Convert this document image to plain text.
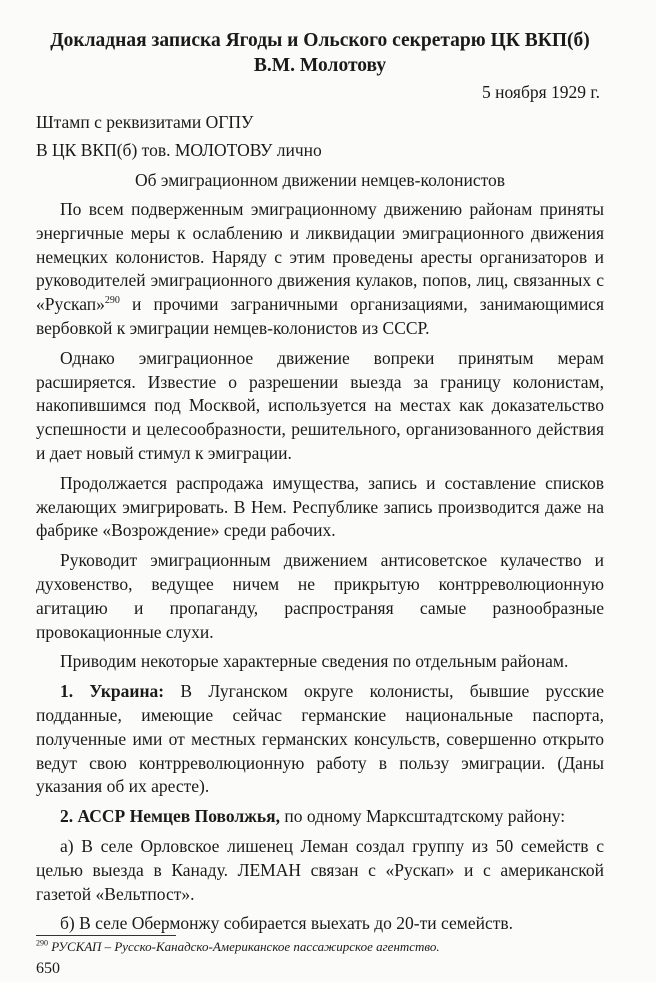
Докладная записка Ягоды и Ольского секретарю ЦК ВКП(б)
В.М. Молотову

5 ноября 1929 г.

Штамп с реквизитами ОГПУ

В ЦК ВКП(б) тов. МОЛОТОВУ лично

Об эмиграционном движении немцев-колонистов

По всем подверженным эмиграционному движению районам приняты энергичные меры к ослаблению и ликвидации эмиграционного движения немецких колонистов. Наряду с этим проведены аресты организаторов и руководителей эмиграционного движения кулаков, попов, лиц, связанных с «Рускап»$^{290}$ и прочими заграничными организациями, занимающимися вербовкой к эмиграции немцев-колонистов из СССР.

Однако эмиграционное движение вопреки принятым мерам расширяется. Известие о разрешении выезда за границу колонистам, накопившимся под Москвой, используется на местах как доказательство успешности и целесообразности, решительного, организованного действия и дает новый стимул к эмиграции.

Продолжается распродажа имущества, запись и составление списков желающих эмигрировать. В Нем. Республике запись производится даже на фабрике «Возрождение» среди рабочих.

Руководит эмиграционным движением антисоветское кулачество и духовенство, ведущее ничем не прикрытую контрреволюционную агитацию и пропаганду, распространяя самые разнообразные провокационные слухи.

Приводим некоторые характерные сведения по отдельным районам.

1. Украина: В Луганском округе колонисты, бывшие русские подданные, имеющие сейчас германские национальные паспорта, полученные ими от местных германских консульств, совершенно открыто ведут свою контрреволюционную работу в пользу эмиграции. (Даны указания об их аресте).

2. АССР Немцев Поволжья, по одному Марксштадтскому району:

а) В селе Орловское лишенец Леман создал группу из 50 семейств с целью выезда в Канаду. ЛЕМАН связан с «Рускап» и с американской газетой «Вельтпост».

б) В селе Обермонжу собирается выехать до 20-ти семейств.

$^{290}$ РУСКАП – Русско-Канадско-Американское пассажирское агентство.

650
